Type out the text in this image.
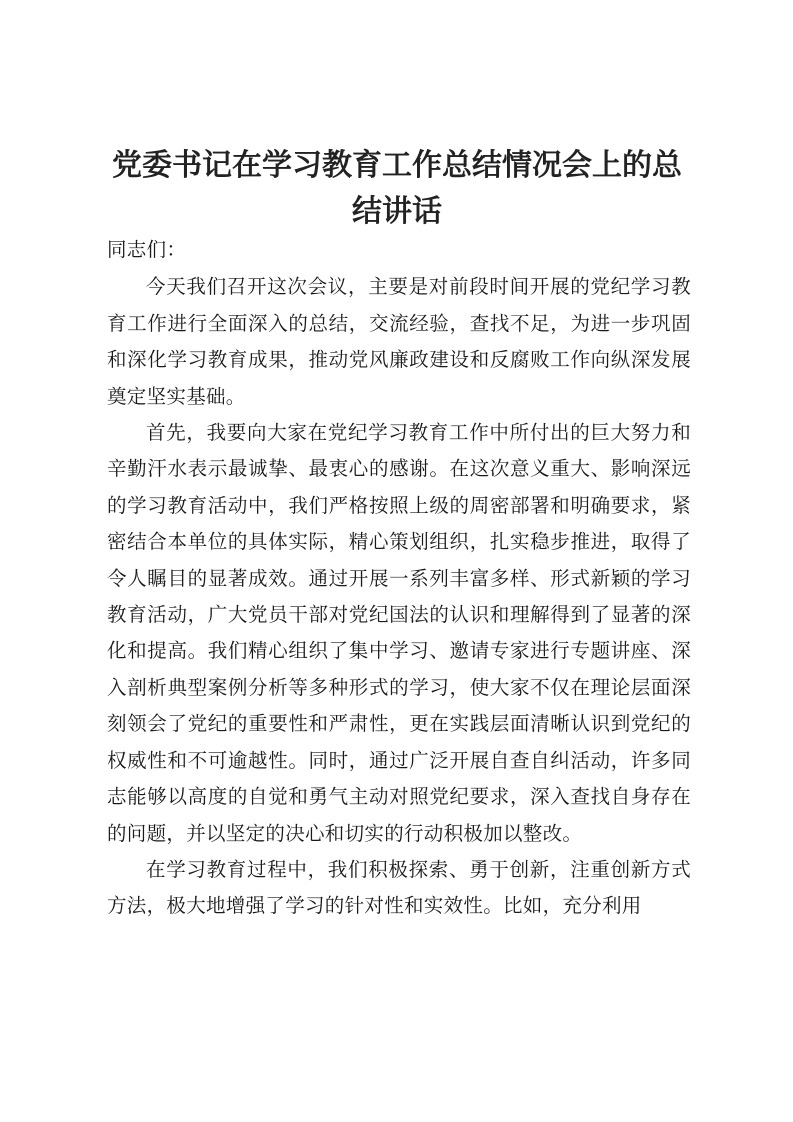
党委书记在学习教育工作总结情况会上的总结讲话

同志们：

今天我们召开这次会议，主要是对前段时间开展的党纪学习教育工作进行全面深入的总结，交流经验，查找不足，为进一步巩固和深化学习教育成果，推动党风廉政建设和反腐败工作向纵深发展奠定坚实基础。

首先，我要向大家在党纪学习教育工作中所付出的巨大努力和辛勤汗水表示最诚挚、最衷心的感谢。在这次意义重大、影响深远的学习教育活动中，我们严格按照上级的周密部署和明确要求，紧密结合本单位的具体实际，精心策划组织，扎实稳步推进，取得了令人瞩目的显著成效。通过开展一系列丰富多样、形式新颖的学习教育活动，广大党员干部对党纪国法的认识和理解得到了显著的深化和提高。我们精心组织了集中学习、邀请专家进行专题讲座、深入剖析典型案例分析等多种形式的学习，使大家不仅在理论层面深刻领会了党纪的重要性和严肃性，更在实践层面清晰认识到党纪的权威性和不可逾越性。同时，通过广泛开展自查自纠活动，许多同志能够以高度的自觉和勇气主动对照党纪要求，深入查找自身存在的问题，并以坚定的决心和切实的行动积极加以整改。

在学习教育过程中，我们积极探索、勇于创新，注重创新方式方法，极大地增强了学习的针对性和实效性。比如，充分利用
